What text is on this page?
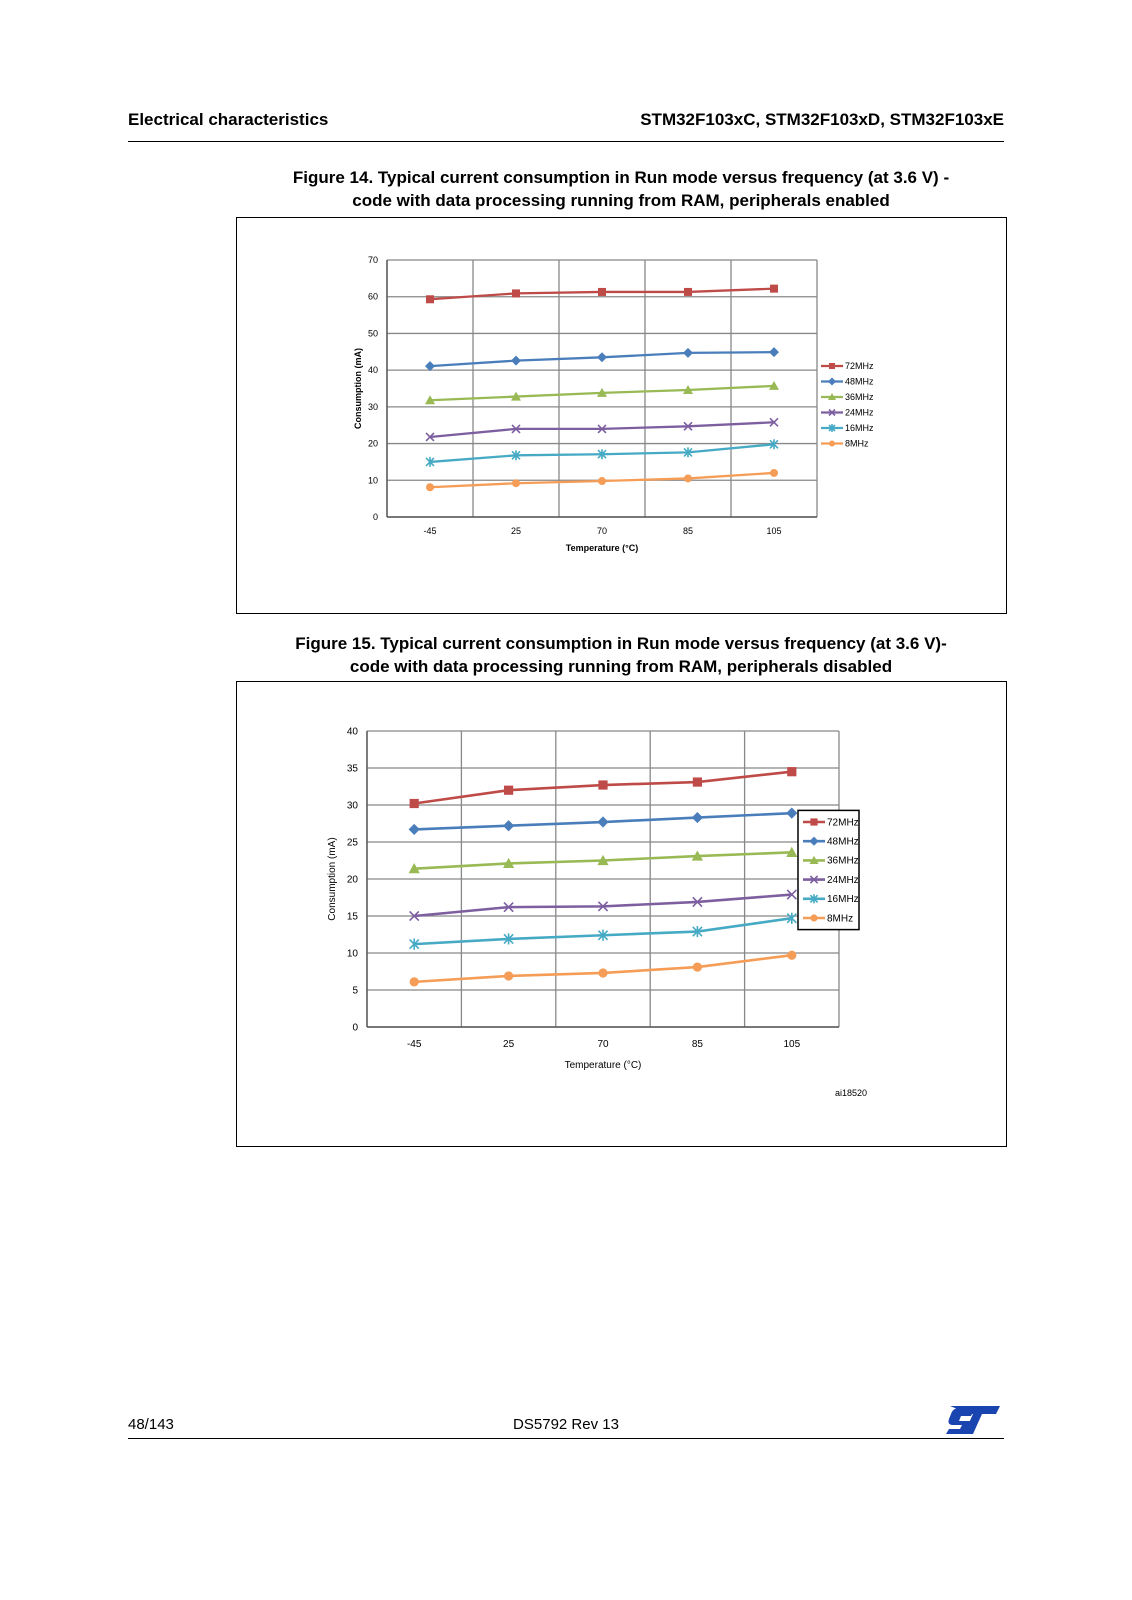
Electrical characteristics	STM32F103xC, STM32F103xD, STM32F103xE
Figure 14. Typical current consumption in Run mode versus frequency (at 3.6 V) -
code with data processing running from RAM, peripherals enabled
0
10
20
30
40
50
60
70
-45	25	70	85	105
Temperature (°C)
Consumption (mA)	72MHz
48MHz
36MHz
24MHz
16MHz
8MHz
Figure 15. Typical current consumption in Run mode versus frequency (at 3.6 V)-
code with data processing running from RAM, peripherals disabled
0
5
10
15
20
25
30
35
40
-45	25	70	85	105
Temperature (°C)
Consumption (mA)
72MHz
48MHz
36MHz
24MHz
16MHz
8MHz
ai18520
48/143	DS5792 Rev 13
